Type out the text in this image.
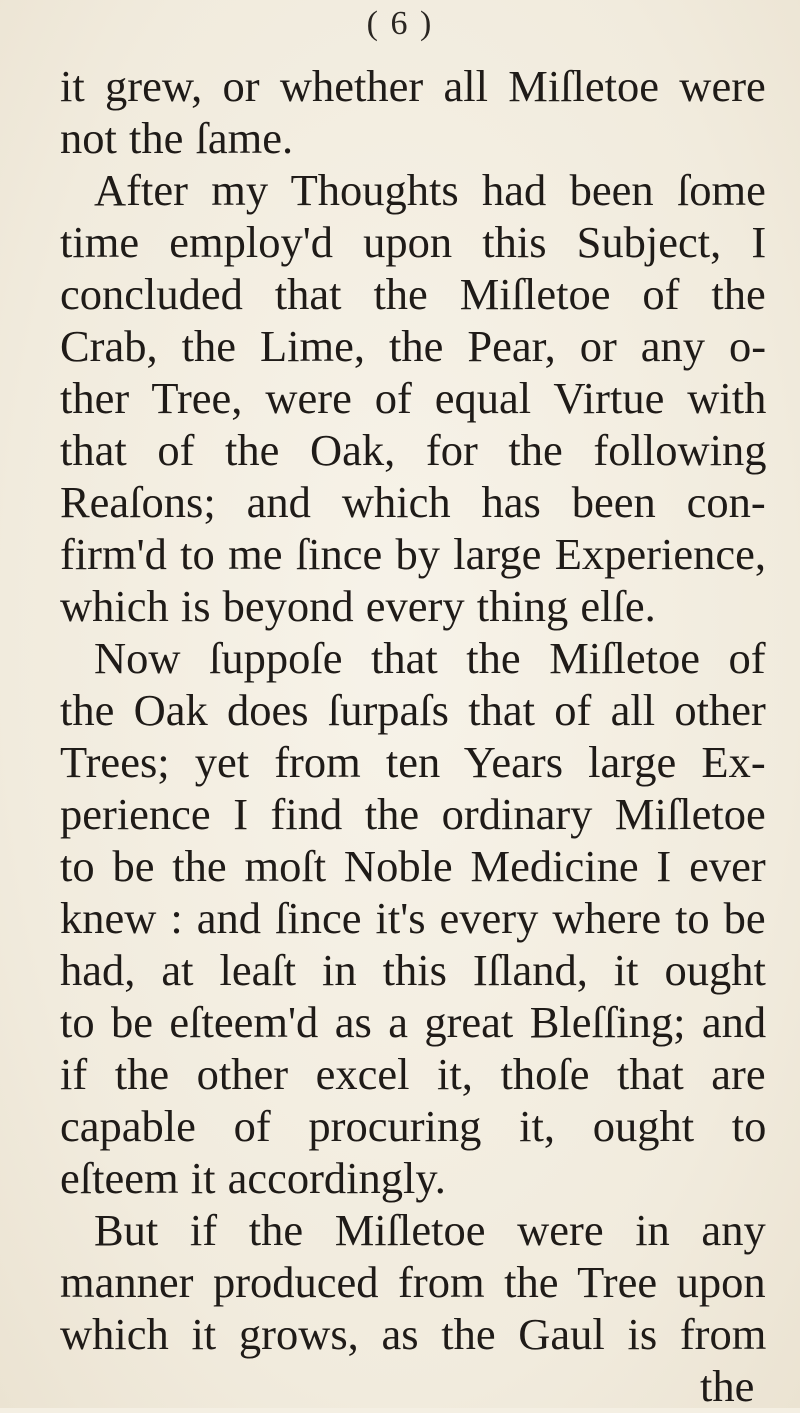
( 6 )
it grew, or whether all Miſletoe were
not the ſame.
After my Thoughts had been ſome
time employ'd upon this Subject, I
concluded that the Miſletoe of the
Crab, the Lime, the Pear, or any o-
ther Tree, were of equal Virtue with
that of the Oak, for the following
Reaſons; and which has been con-
firm'd to me ſince by large Experience,
which is beyond every thing elſe.
Now ſuppoſe that the Miſletoe of
the Oak does ſurpaſs that of all other
Trees; yet from ten Years large Ex-
perience I find the ordinary Miſletoe
to be the moſt Noble Medicine I ever
knew : and ſince it's every where to be
had, at leaſt in this Iſland, it ought
to be eſteem'd as a great Bleſſing; and
if the other excel it, thoſe that are
capable of procuring it, ought to
eſteem it accordingly.
But if the Miſletoe were in any
manner produced from the Tree upon
which it grows, as the Gaul is from
the
